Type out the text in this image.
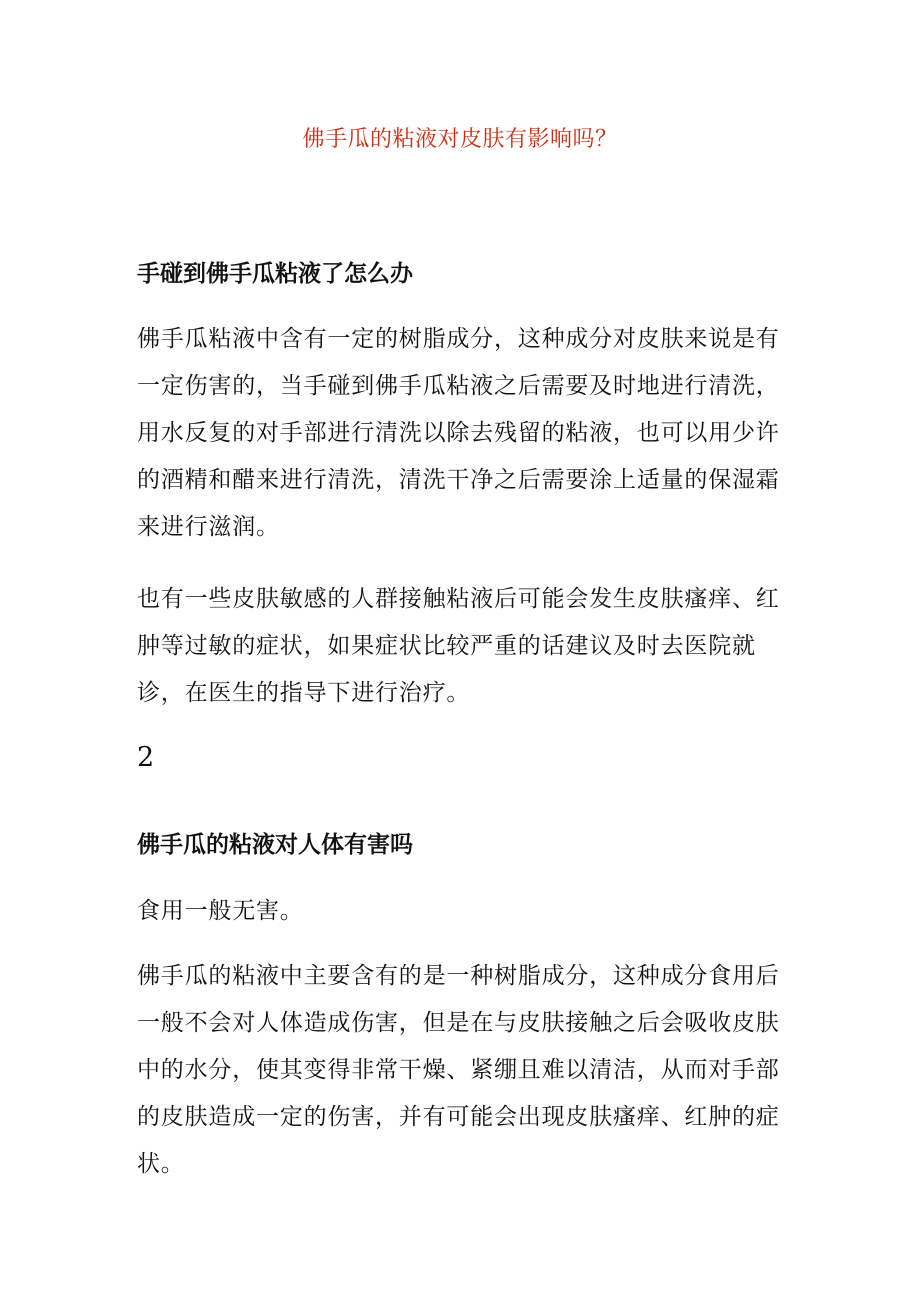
佛手瓜的粘液对皮肤有影响吗？
手碰到佛手瓜粘液了怎么办
佛手瓜粘液中含有一定的树脂成分，这种成分对皮肤来说是有一定伤害的，当手碰到佛手瓜粘液之后需要及时地进行清洗，用水反复的对手部进行清洗以除去残留的粘液，也可以用少许的酒精和醋来进行清洗，清洗干净之后需要涂上适量的保湿霜来进行滋润。
也有一些皮肤敏感的人群接触粘液后可能会发生皮肤瘙痒、红肿等过敏的症状，如果症状比较严重的话建议及时去医院就诊，在医生的指导下进行治疗。
2
佛手瓜的粘液对人体有害吗
食用一般无害。
佛手瓜的粘液中主要含有的是一种树脂成分，这种成分食用后一般不会对人体造成伤害，但是在与皮肤接触之后会吸收皮肤中的水分，使其变得非常干燥、紧绷且难以清洁，从而对手部的皮肤造成一定的伤害，并有可能会出现皮肤瘙痒、红肿的症状。
